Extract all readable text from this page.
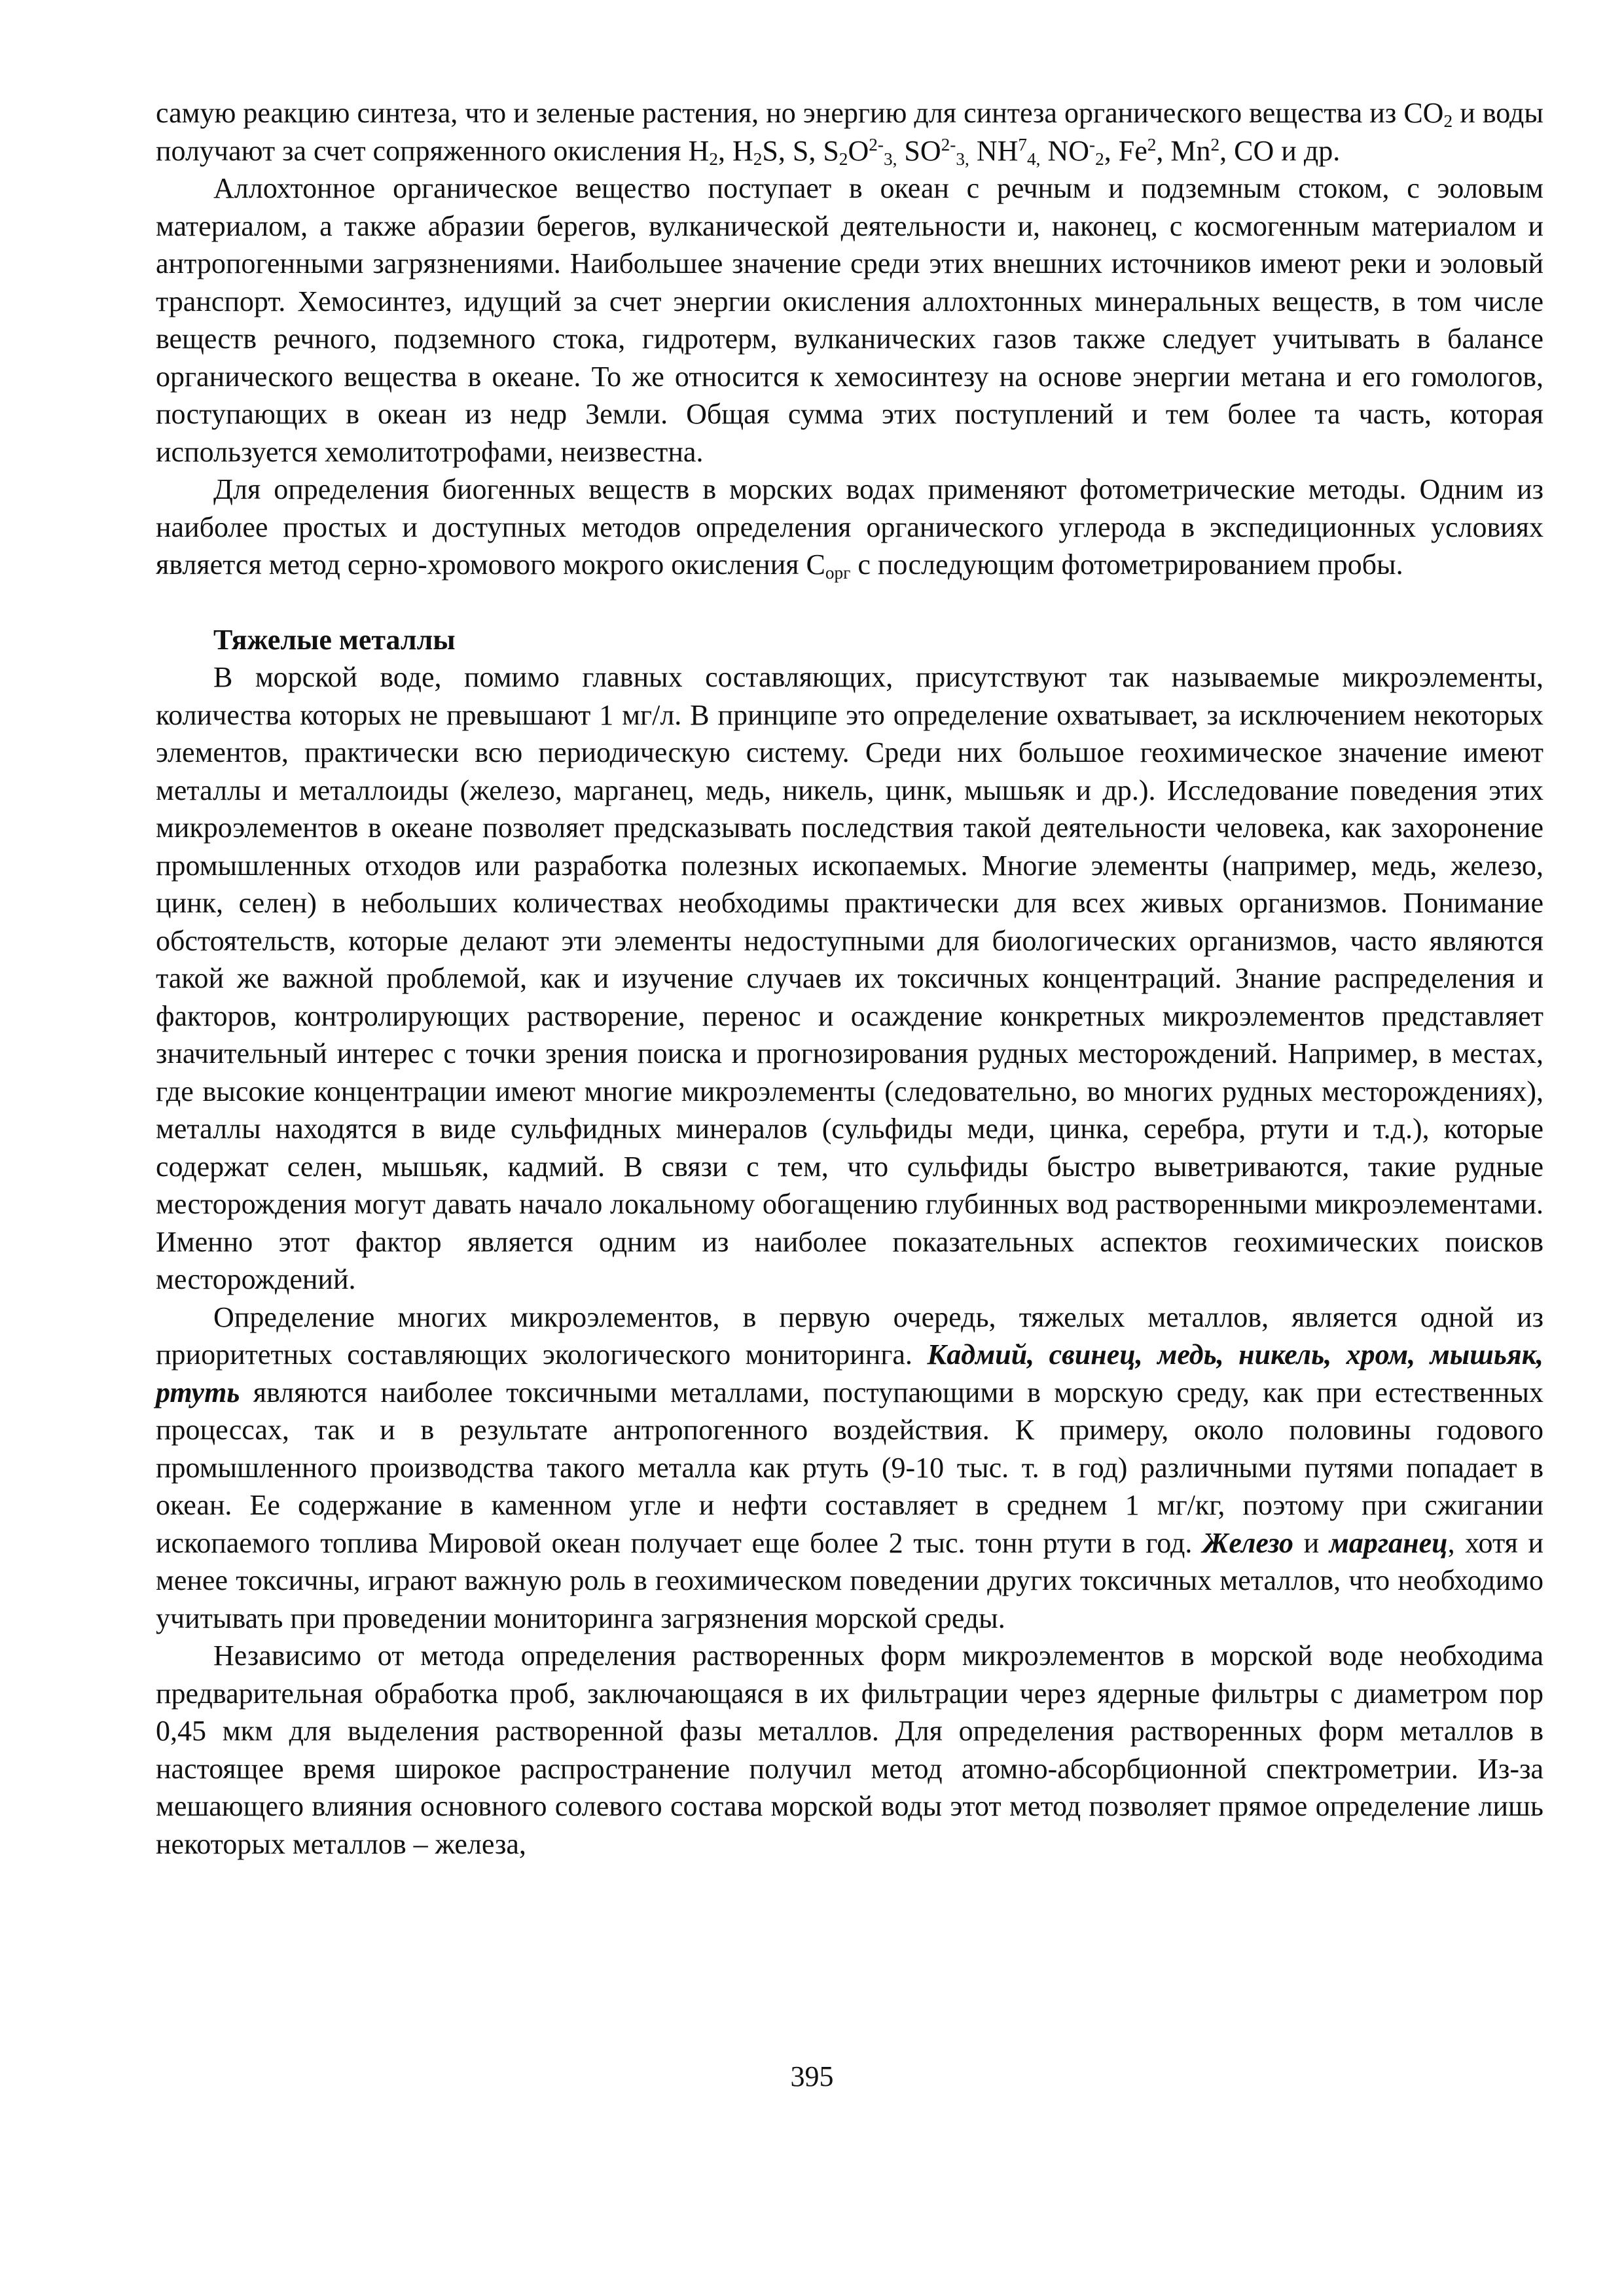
самую реакцию синтеза, что и зеленые растения, но энергию для синтеза органического вещества из $CO_2$ и воды получают за счет сопряженного окисления $H_2$, $H_2S$, S, $S_2O^{2-}_{3,}$ $SO^{2-}_{3,}$ $NH^7_{4,}$ $NO^-_2$, Fe$^2$, Mn$^2$, CO и др.

Аллохтонное органическое вещество поступает в океан с речным и подземным стоком, с эоловым материалом, а также абразии берегов, вулканической деятельности и, наконец, с космогенным материалом и антропогенными загрязнениями. Наибольшее значение среди этих внешних источников имеют реки и эоловый транспорт. Хемосинтез, идущий за счет энергии окисления аллохтонных минеральных веществ, в том числе веществ речного, подземного стока, гидротерм, вулканических газов также следует учитывать в балансе органического вещества в океане. То же относится к хемосинтезу на основе энергии метана и его гомологов, поступающих в океан из недр Земли. Общая сумма этих поступлений и тем более та часть, которая используется хемолитотрофами, неизвестна.

Для определения биогенных веществ в морских водах применяют фотометрические методы. Одним из наиболее простых и доступных методов определения органического углерода в экспедиционных условиях является метод серно-хромового мокрого окисления $C_{орг}$ с последующим фотометрированием пробы.

Тяжелые металлы

В морской воде, помимо главных составляющих, присутствуют так называемые микроэлементы, количества которых не превышают 1 мг/л. В принципе это определение охватывает, за исключением некоторых элементов, практически всю периодическую систему. Среди них большое геохимическое значение имеют металлы и металлоиды (железо, марганец, медь, никель, цинк, мышьяк и др.). Исследование поведения этих микроэлементов в океане позволяет предсказывать последствия такой деятельности человека, как захоронение промышленных отходов или разработка полезных ископаемых. Многие элементы (например, медь, железо, цинк, селен) в небольших количествах необходимы практически для всех живых организмов. Понимание обстоятельств, которые делают эти элементы недоступными для биологических организмов, часто являются такой же важной проблемой, как и изучение случаев их токсичных концентраций. Знание распределения и факторов, контролирующих растворение, перенос и осаждение конкретных микроэлементов представляет значительный интерес с точки зрения поиска и прогнозирования рудных месторождений. Например, в местах, где высокие концентрации имеют многие микроэлементы (следовательно, во многих рудных месторождениях), металлы находятся в виде сульфидных минералов (сульфиды меди, цинка, серебра, ртути и т.д.), которые содержат селен, мышьяк, кадмий. В связи с тем, что сульфиды быстро выветриваются, такие рудные месторождения могут давать начало локальному обогащению глубинных вод растворенными микроэлементами. Именно этот фактор является одним из наиболее показательных аспектов геохимических поисков месторождений.

Определение многих микроэлементов, в первую очередь, тяжелых металлов, является одной из приоритетных составляющих экологического мониторинга. Кадмий, свинец, медь, никель, хром, мышьяк, ртуть являются наиболее токсичными металлами, поступающими в морскую среду, как при естественных процессах, так и в результате антропогенного воздействия. К примеру, около половины годового промышленного производства такого металла как ртуть (9-10 тыс. т. в год) различными путями попадает в океан. Ее содержание в каменном угле и нефти составляет в среднем 1 мг/кг, поэтому при сжигании ископаемого топлива Мировой океан получает еще более 2 тыс. тонн ртути в год. Железо и марганец, хотя и менее токсичны, играют важную роль в геохимическом поведении других токсичных металлов, что необходимо учитывать при проведении мониторинга загрязнения морской среды.

Независимо от метода определения растворенных форм микроэлементов в морской воде необходима предварительная обработка проб, заключающаяся в их фильтрации через ядерные фильтры с диаметром пор 0,45 мкм для выделения растворенной фазы металлов. Для определения растворенных форм металлов в настоящее время широкое распространение получил метод атомно-абсорбционной спектрометрии. Из-за мешающего влияния основного солевого состава морской воды этот метод позволяет прямое определение лишь некоторых металлов – железа,

395
